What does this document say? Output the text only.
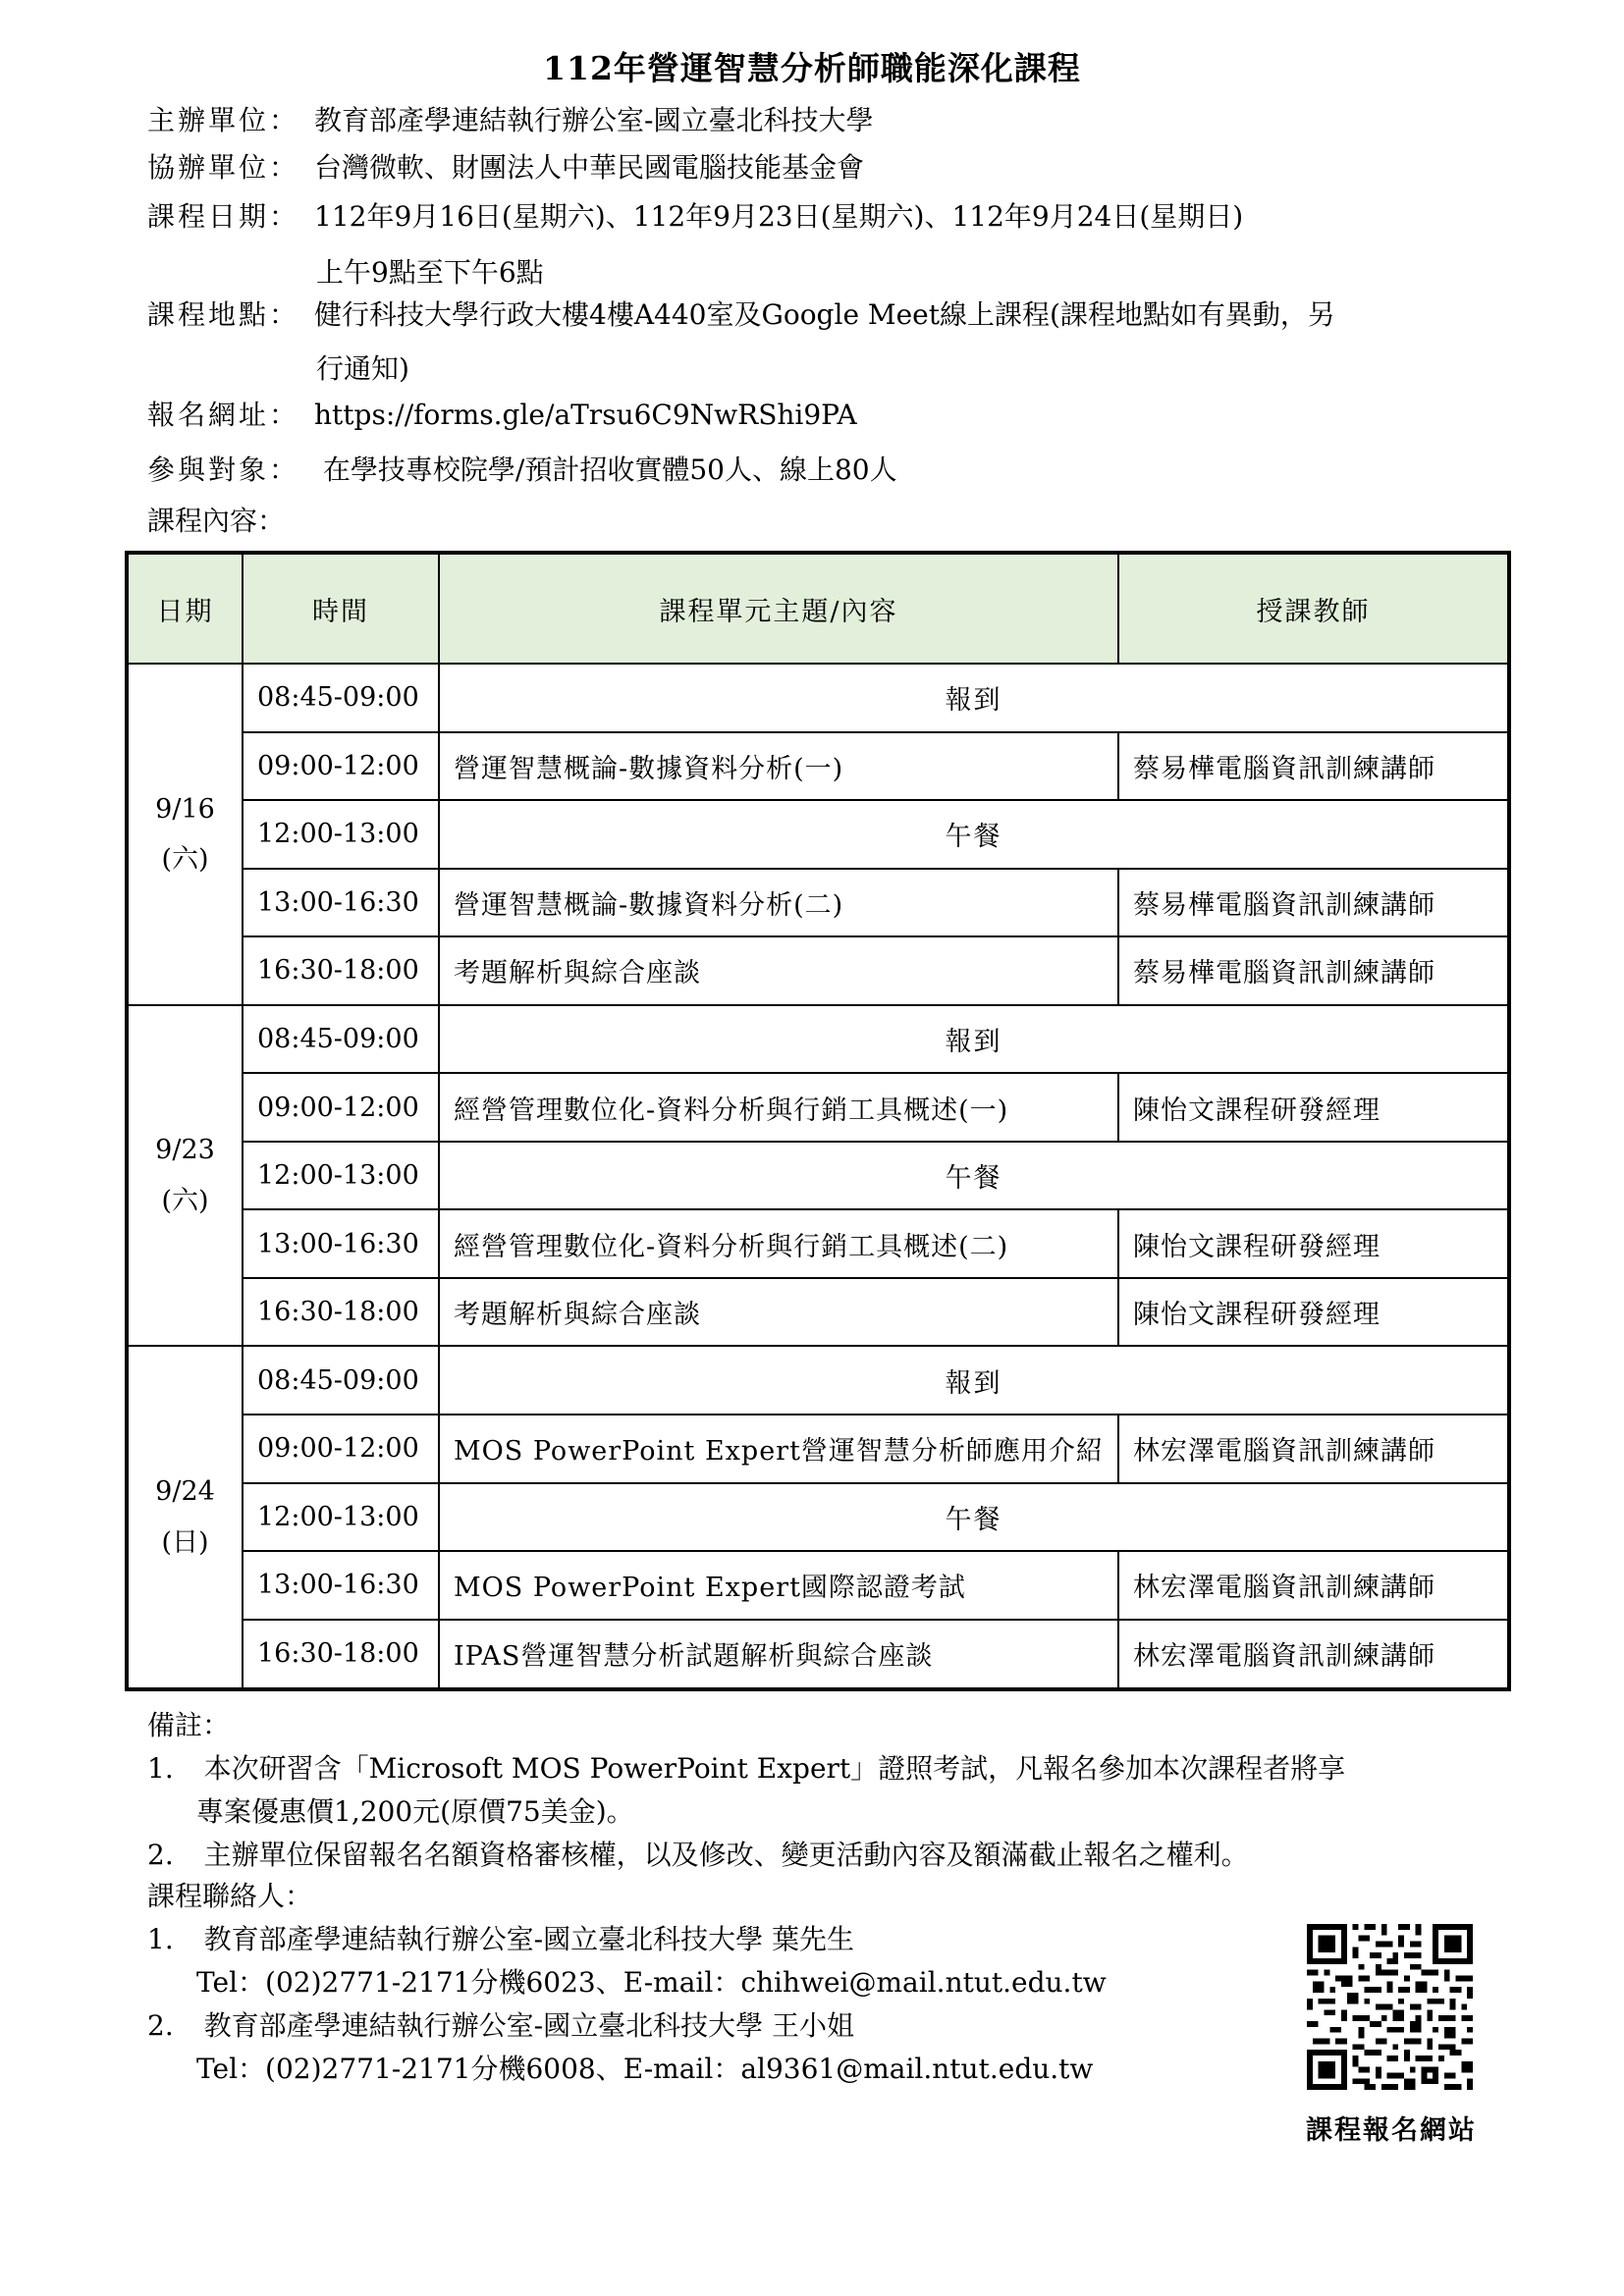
112年營運智慧分析師職能深化課程
主辦單位： 教育部產學連結執行辦公室-國立臺北科技大學
協辦單位： 台灣微軟、財團法人中華民國電腦技能基金會
課程日期： 112年9月16日(星期六)、112年9月23日(星期六)、112年9月24日(星期日)
上午9點至下午6點
課程地點： 健行科技大學行政大樓4樓A440室及Google Meet線上課程(課程地點如有異動，另
行通知)
報名網址： https://forms.gle/aTrsu6C9NwRShi9PA
參與對象： 在學技專校院學/預計招收實體50人、線上80人
課程內容：
日期	時間	課程單元主題/內容	授課教師

9/16
(六)	08:45-09:00	報到	
	09:00-12:00	營運智慧概論-數據資料分析(一)	蔡易樺電腦資訊訓練講師
	12:00-13:00	午餐	
	13:00-16:30	營運智慧概論-數據資料分析(二)	蔡易樺電腦資訊訓練講師
	16:30-18:00	考題解析與綜合座談	蔡易樺電腦資訊訓練講師

9/23
(六)	08:45-09:00	報到	
	09:00-12:00	經營管理數位化-資料分析與行銷工具概述(一)	陳怡文課程研發經理
	12:00-13:00	午餐	
	13:00-16:30	經營管理數位化-資料分析與行銷工具概述(二)	陳怡文課程研發經理
	16:30-18:00	考題解析與綜合座談	陳怡文課程研發經理

9/24
(日)	08:45-09:00	報到	
	09:00-12:00	MOS PowerPoint Expert營運智慧分析師應用介紹	林宏澤電腦資訊訓練講師
	12:00-13:00	午餐	
	13:00-16:30	MOS PowerPoint Expert國際認證考試	林宏澤電腦資訊訓練講師
	16:30-18:00	IPAS營運智慧分析試題解析與綜合座談	林宏澤電腦資訊訓練講師
備註：
1. 本次研習含「Microsoft MOS PowerPoint Expert」證照考試，凡報名參加本次課程者將享
專案優惠價1,200元(原價75美金)。
2. 主辦單位保留報名名額資格審核權，以及修改、變更活動內容及額滿截止報名之權利。
課程聯絡人：
1. 教育部產學連結執行辦公室-國立臺北科技大學 葉先生
Tel：(02)2771-2171分機6023、E-mail：chihwei@mail.ntut.edu.tw
2. 教育部產學連結執行辦公室-國立臺北科技大學 王小姐
Tel：(02)2771-2171分機6008、E-mail：al9361@mail.ntut.edu.tw
課程報名網站
